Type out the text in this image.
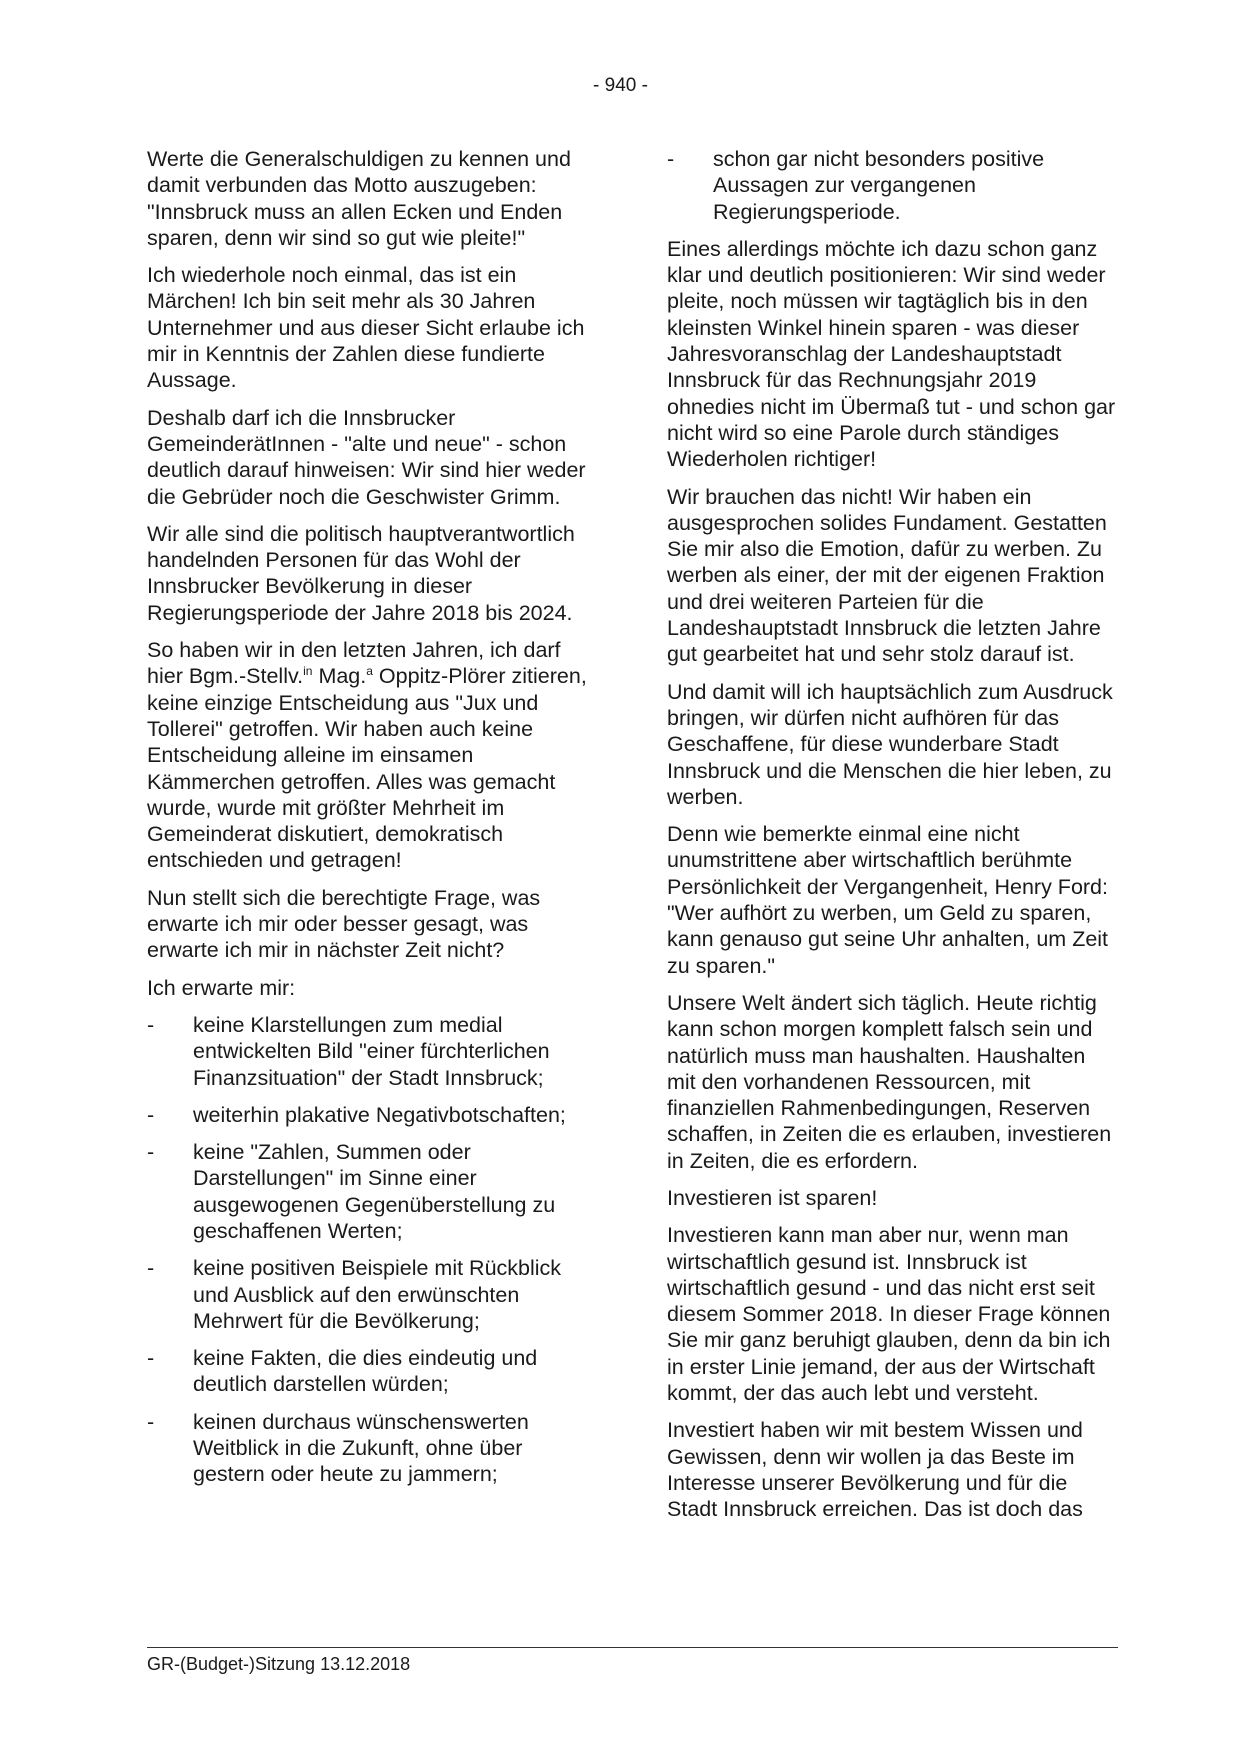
- 940 -

Werte die Generalschuldigen zu kennen und damit verbunden das Motto auszugeben: "Innsbruck muss an allen Ecken und Enden sparen, denn wir sind so gut wie pleite!"

Ich wiederhole noch einmal, das ist ein Märchen! Ich bin seit mehr als 30 Jahren Unternehmer und aus dieser Sicht erlaube ich mir in Kenntnis der Zahlen diese fundierte Aussage.

Deshalb darf ich die Innsbrucker GemeinderätInnen - "alte und neue" - schon deutlich darauf hinweisen: Wir sind hier weder die Gebrüder noch die Geschwister Grimm.

Wir alle sind die politisch hauptverantwortlich handelnden Personen für das Wohl der Innsbrucker Bevölkerung in dieser Regierungsperiode der Jahre 2018 bis 2024.

So haben wir in den letzten Jahren, ich darf hier Bgm.-Stellv.$^{in}$ Mag.$^a$ Oppitz-Plörer zitieren, keine einzige Entscheidung aus "Jux und Tollerei" getroffen. Wir haben auch keine Entscheidung alleine im einsamen Kämmerchen getroffen. Alles was gemacht wurde, wurde mit größter Mehrheit im Gemeinderat diskutiert, demokratisch entschieden und getragen!

Nun stellt sich die berechtigte Frage, was erwarte ich mir oder besser gesagt, was erwarte ich mir in nächster Zeit nicht?

Ich erwarte mir:

- keine Klarstellungen zum medial entwickelten Bild "einer fürchterlichen Finanzsituation" der Stadt Innsbruck;
- weiterhin plakative Negativbotschaften;
- keine "Zahlen, Summen oder Darstellungen" im Sinne einer ausgewogenen Gegenüberstellung zu geschaffenen Werten;
- keine positiven Beispiele mit Rückblick und Ausblick auf den erwünschten Mehrwert für die Bevölkerung;
- keine Fakten, die dies eindeutig und deutlich darstellen würden;
- keinen durchaus wünschenswerten Weitblick in die Zukunft, ohne über gestern oder heute zu jammern;
- schon gar nicht besonders positive Aussagen zur vergangenen Regierungsperiode.

Eines allerdings möchte ich dazu schon ganz klar und deutlich positionieren: Wir sind weder pleite, noch müssen wir tagtäglich bis in den kleinsten Winkel hinein sparen - was dieser Jahresvoranschlag der Landeshauptstadt Innsbruck für das Rechnungsjahr 2019 ohnedies nicht im Übermaß tut - und schon gar nicht wird so eine Parole durch ständiges Wiederholen richtiger!

Wir brauchen das nicht! Wir haben ein ausgesprochen solides Fundament. Gestatten Sie mir also die Emotion, dafür zu werben. Zu werben als einer, der mit der eigenen Fraktion und drei weiteren Parteien für die Landeshauptstadt Innsbruck die letzten Jahre gut gearbeitet hat und sehr stolz darauf ist.

Und damit will ich hauptsächlich zum Ausdruck bringen, wir dürfen nicht aufhören für das Geschaffene, für diese wunderbare Stadt Innsbruck und die Menschen die hier leben, zu werben.

Denn wie bemerkte einmal eine nicht unumstrittene aber wirtschaftlich berühmte Persönlichkeit der Vergangenheit, Henry Ford: "Wer aufhört zu werben, um Geld zu sparen, kann genauso gut seine Uhr anhalten, um Zeit zu sparen."

Unsere Welt ändert sich täglich. Heute richtig kann schon morgen komplett falsch sein und natürlich muss man haushalten. Haushalten mit den vorhandenen Ressourcen, mit finanziellen Rahmenbedingungen, Reserven schaffen, in Zeiten die es erlauben, investieren in Zeiten, die es erfordern.

Investieren ist sparen!

Investieren kann man aber nur, wenn man wirtschaftlich gesund ist. Innsbruck ist wirtschaftlich gesund - und das nicht erst seit diesem Sommer 2018. In dieser Frage können Sie mir ganz beruhigt glauben, denn da bin ich in erster Linie jemand, der aus der Wirtschaft kommt, der das auch lebt und versteht.

Investiert haben wir mit bestem Wissen und Gewissen, denn wir wollen ja das Beste im Interesse unserer Bevölkerung und für die Stadt Innsbruck erreichen. Das ist doch das

GR-(Budget-)Sitzung 13.12.2018
